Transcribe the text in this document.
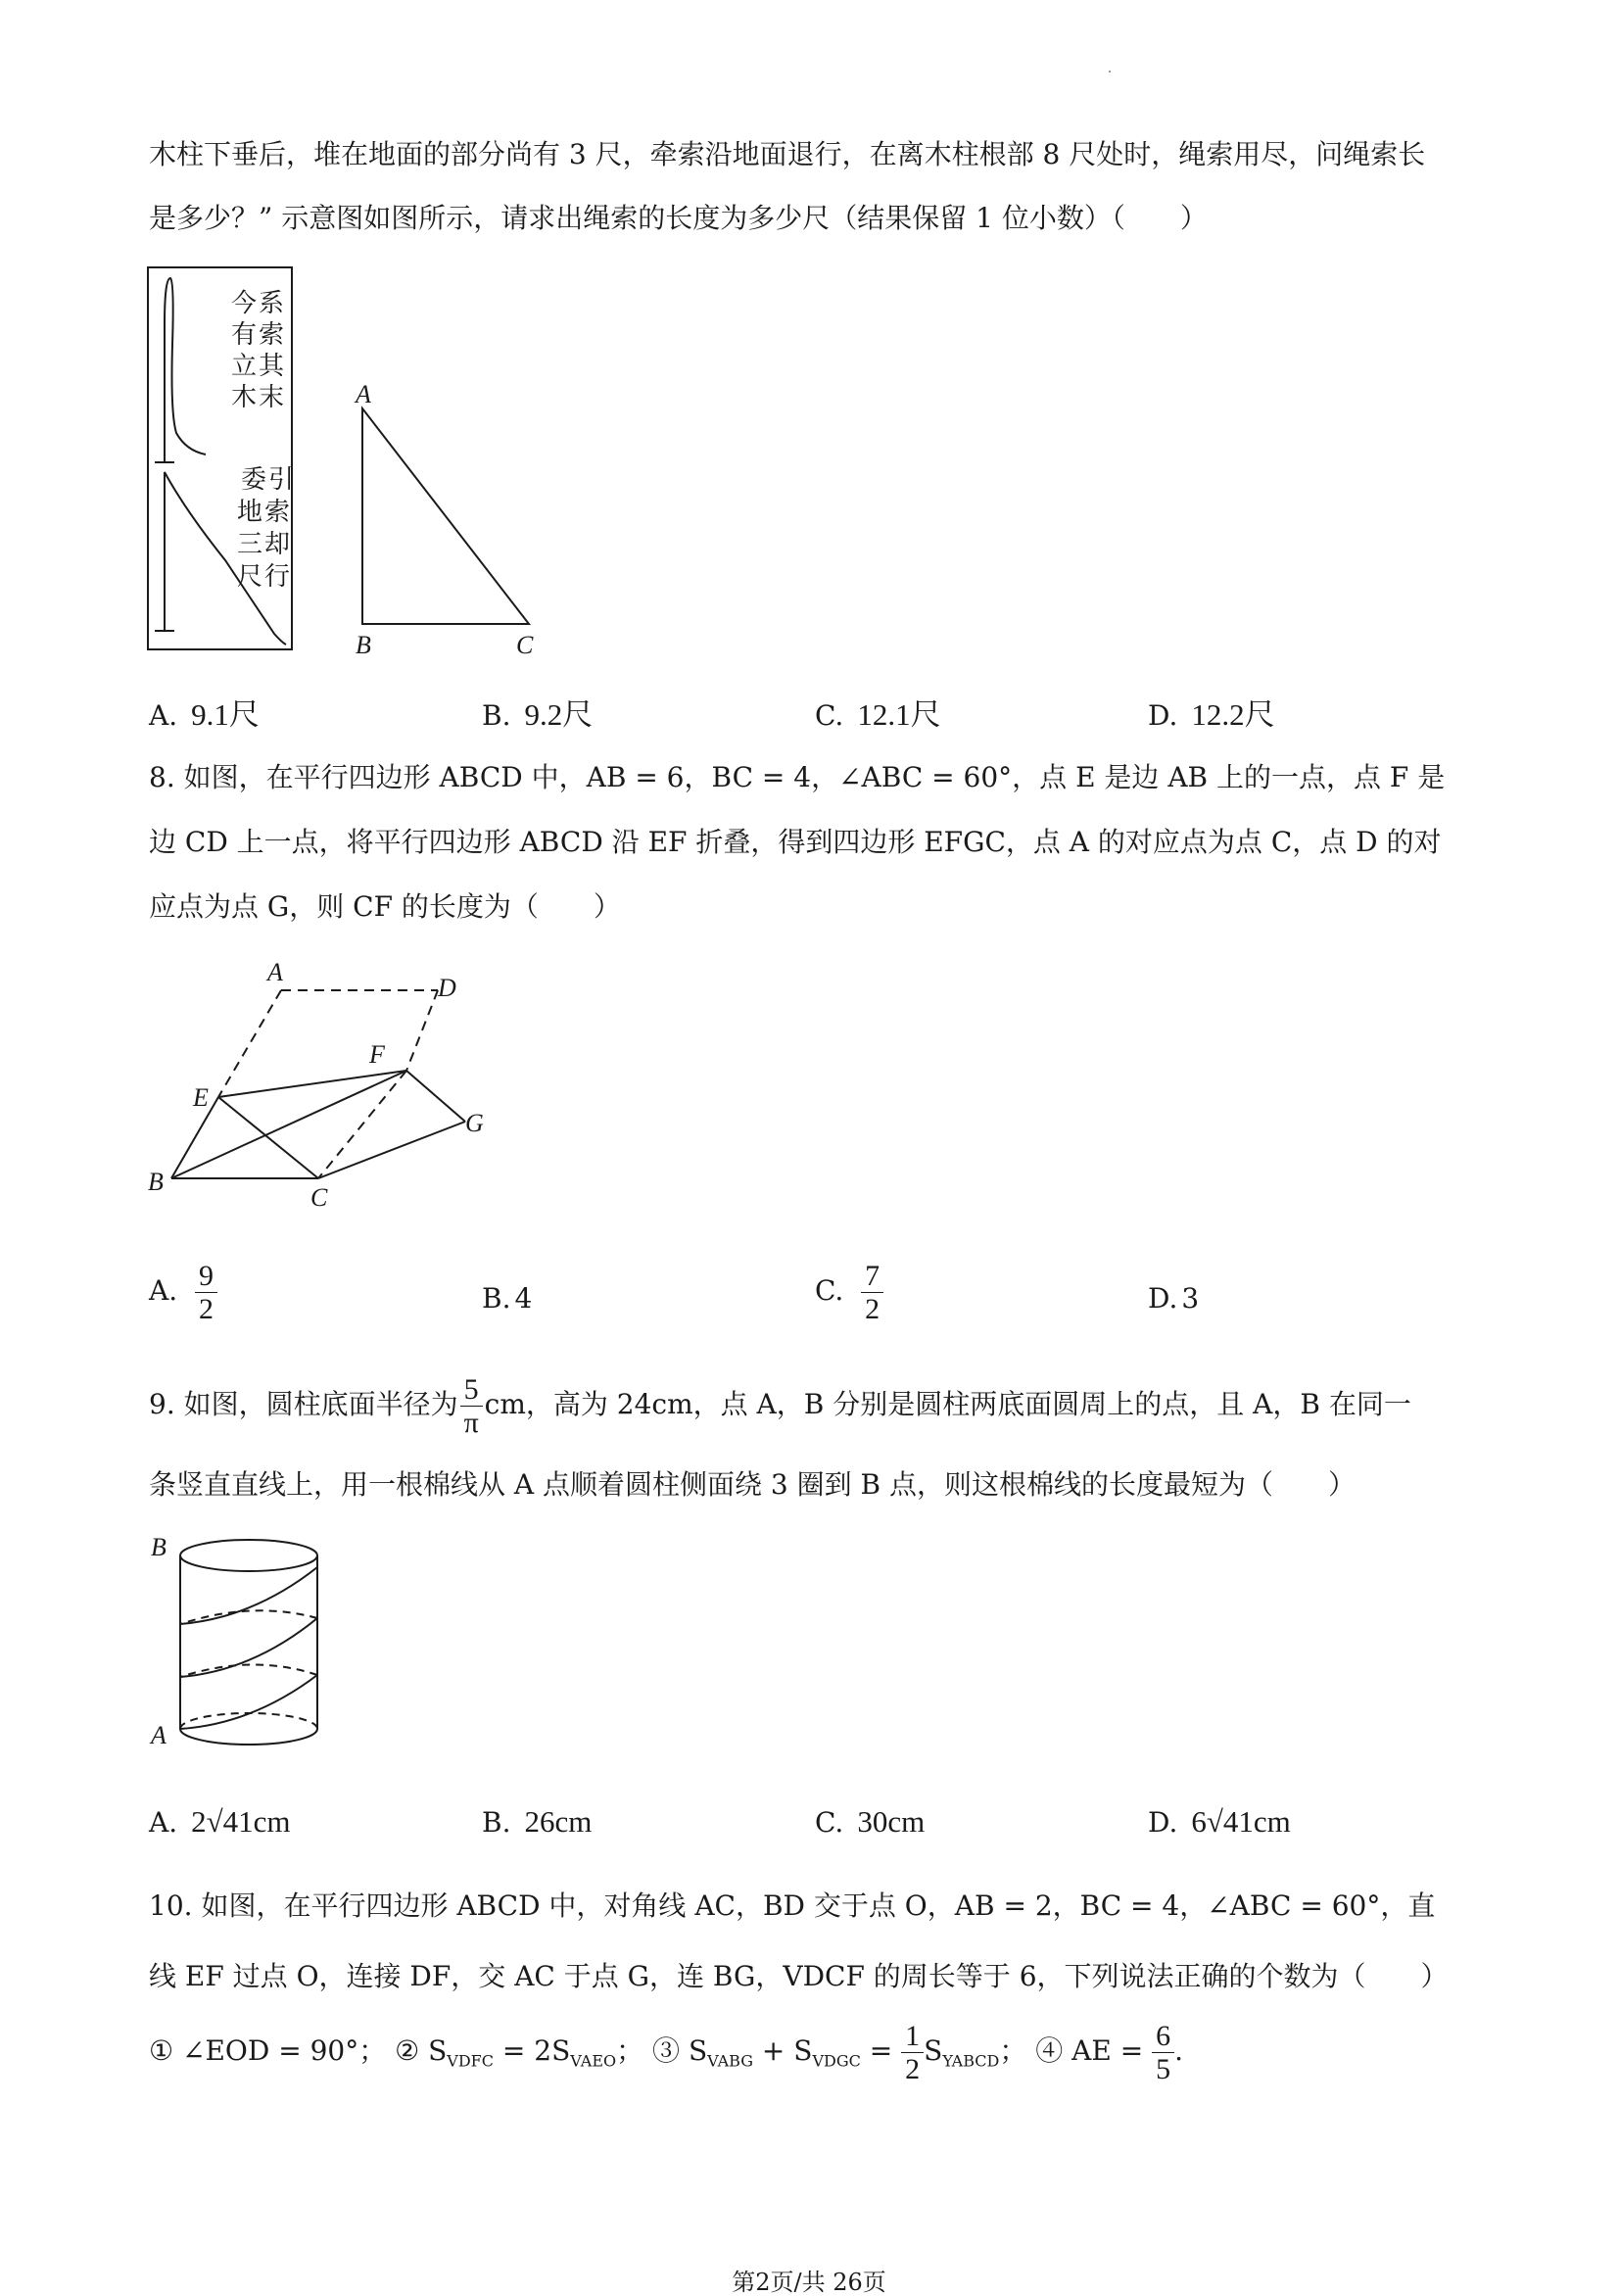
木柱下垂后，堆在地面的部分尚有 3 尺，牵索沿地面退行，在离木柱根部 8 尺处时，绳索用尽，问绳索长
是多少？” 示意图如图所示，请求出绳索的长度为多少尺（结果保留 1 位小数）（　　）
今 系
有 索
立 其
木 末
委 引
地 索
三 却
尺 行
A
B	C
A. 9.1尺	B. 9.2尺	C. 12.1尺	D. 12.2尺
8. 如图，在平行四边形 ABCD 中，AB = 6，BC = 4，∠ABC = 60°，点 E 是边 AB 上的一点，点 F 是
边 CD 上一点，将平行四边形 ABCD 沿 EF 折叠，得到四边形 EFGC，点 A 的对应点为点 C，点 D 的对
应点为点 G，则 CF 的长度为（　　）
A
D
E
F
G
B
C
A. $\frac{9}{2}$	B. 4	C. $\frac{7}{2}$	D. 3
9. 如图，圆柱底面半径为 $\frac{5}{\pi}$ cm，高为 24cm，点 A，B 分别是圆柱两底面圆周上的点，且 A，B 在同一
条竖直直线上，用一根棉线从 A 点顺着圆柱侧面绕 3 圈到 B 点，则这根棉线的长度最短为（　　）
B
A
A. 2√41cm	B. 26cm	C. 30cm	D. 6√41cm
10. 如图，在平行四边形 ABCD 中，对角线 AC，BD 交于点 O，AB = 2，BC = 4，∠ABC = 60°，直
线 EF 过点 O，连接 DF，交 AC 于点 G，连 BG，VDCF 的周长等于 6，下列说法正确的个数为（　　）
① ∠EOD = 90°； ② $S_{VDFC} = 2S_{VAEO}$； ③ $S_{VABG} + S_{VDGC} = \frac{1}{2} S_{YABCD}$； ④ AE = $\frac{6}{5}$ .
第2页/共 26页
